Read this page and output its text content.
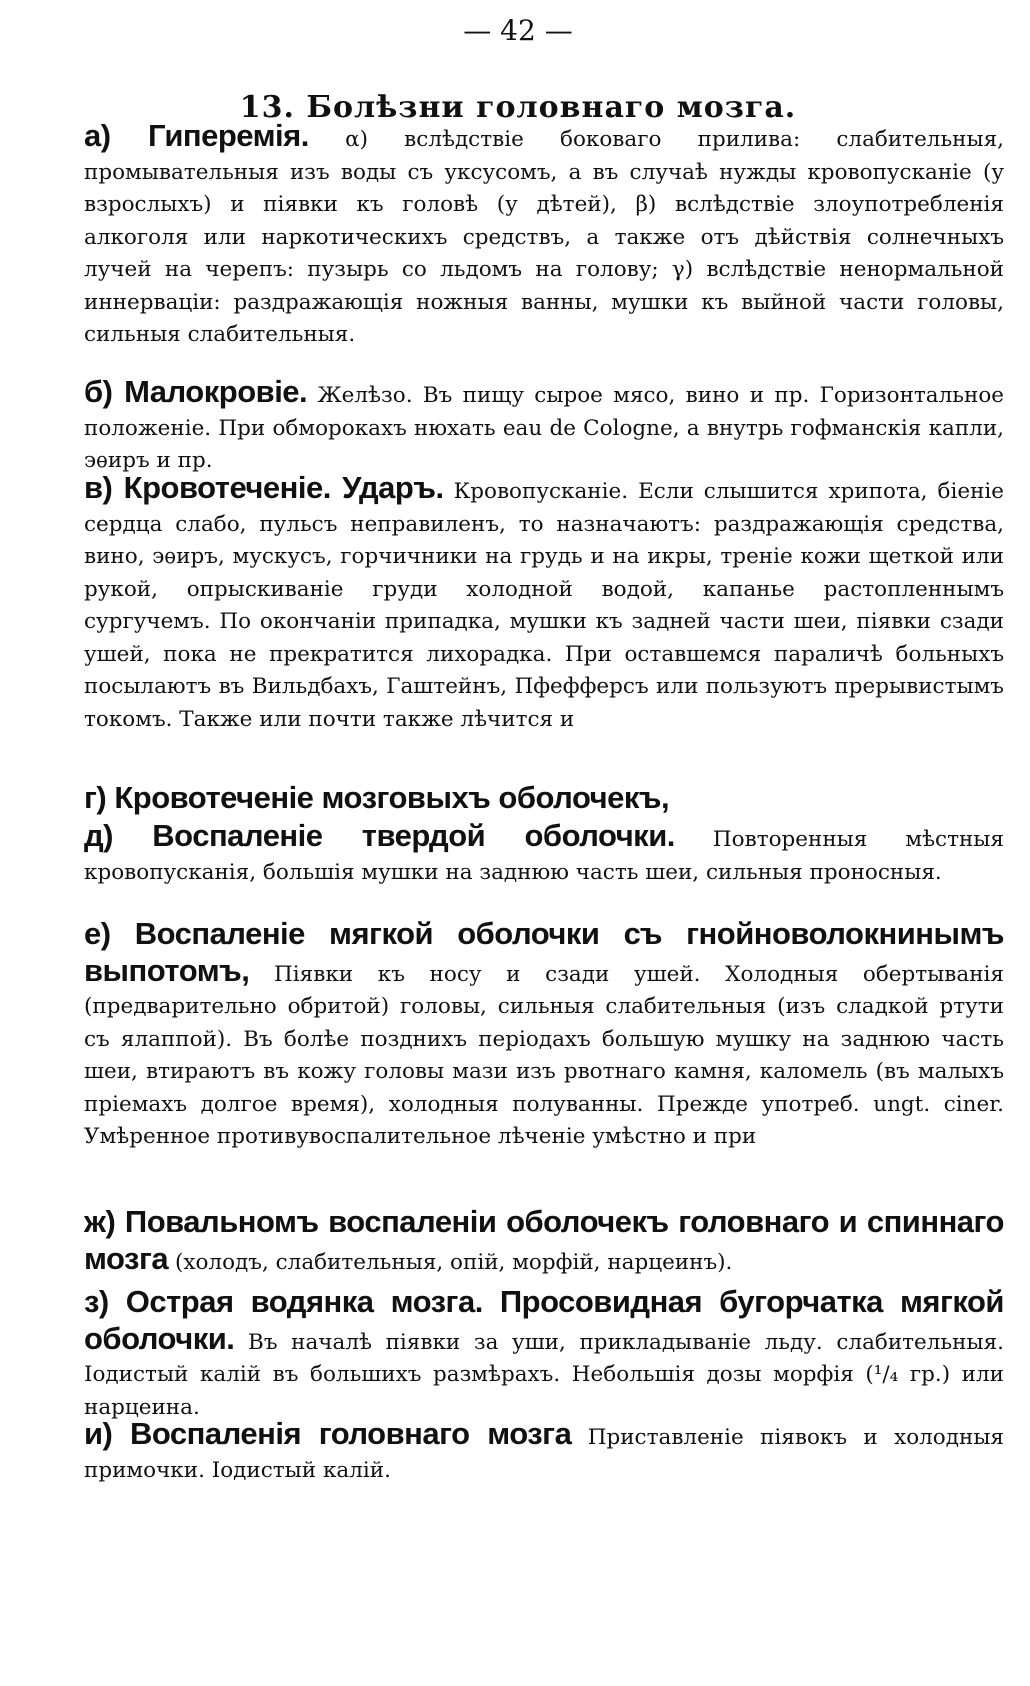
— 42 —
13. Болѣзни головнаго мозга.
а) Гиперемія. α) вслѣдствіе боковаго прилива: слабительныя, промывательныя изъ воды съ уксусомъ, а въ случаѣ нужды кровопусканіе (у взрослыхъ) и піявки къ головѣ (у дѣтей), β) вслѣдствіе злоупотребленія алкоголя или наркотическихъ средствъ, а также отъ дѣйствія солнечныхъ лучей на черепъ: пузырь со льдомъ на голову; γ) вслѣдствіе ненормальной иннерваціи: раздражающія ножныя ванны, мушки къ выйной части головы, сильныя слабительныя.
б) Малокровіе. Желѣзо. Въ пищу сырое мясо, вино и пр. Горизонтальное положеніе. При обморокахъ нюхать eau de Cologne, а внутрь гофманскія капли, эѳиръ и пр.
в) Кровотеченіе. Ударъ. Кровопусканіе. Если слышится хрипота, біеніе сердца слабо, пульсъ неправиленъ, то назначаютъ: раздражающія средства, вино, эѳиръ, мускусъ, горчичники на грудь и на икры, треніе кожи щеткой или рукой, опрыскиваніе груди холодной водой, капанье растопленнымъ сургучемъ. По окончаніи припадка, мушки къ задней части шеи, піявки сзади ушей, пока не прекратится лихорадка. При оставшемся параличѣ больныхъ посылаютъ въ Вильдбахъ, Гаштейнъ, Пфефферсъ или пользуютъ прерывистымъ токомъ. Также или почти также лѣчится и
г) Кровотеченіе мозговыхъ оболочекъ,
д) Воспаленіе твердой оболочки. Повторенныя мѣстныя кровопусканія, большія мушки на заднюю часть шеи, сильныя проносныя.
е) Воспаленіе мягкой оболочки съ гнойноволокнинымъ выпотомъ, Піявки къ носу и сзади ушей. Холодныя обертыванія (предварительно обритой) головы, сильныя слабительныя (изъ сладкой ртути съ ялаппой). Въ болѣе позднихъ періодахъ большую мушку на заднюю часть шеи, втираютъ въ кожу головы мази изъ рвотнаго камня, каломель (въ малыхъ пріемахъ долгое время), холодныя полуванны. Прежде употреб. ungt. ciner. Умѣренное противувоспалительное лѣченіе умѣстно и при
ж) Повальномъ воспаленіи оболочекъ головнаго и спиннаго мозга (холодъ, слабительныя, опій, морфій, нарцеинъ).
з) Острая водянка мозга. Просовидная бугорчатка мягкой оболочки. Въ началѣ піявки за уши, прикладываніе льду. слабительныя. Іодистый калій въ большихъ размѣрахъ. Небольшія дозы морфія (¹/₄ гр.) или нарцеина.
и) Воспаленія головнаго мозга Приставленіе піявокъ и холодныя примочки. Іодистый калій.
